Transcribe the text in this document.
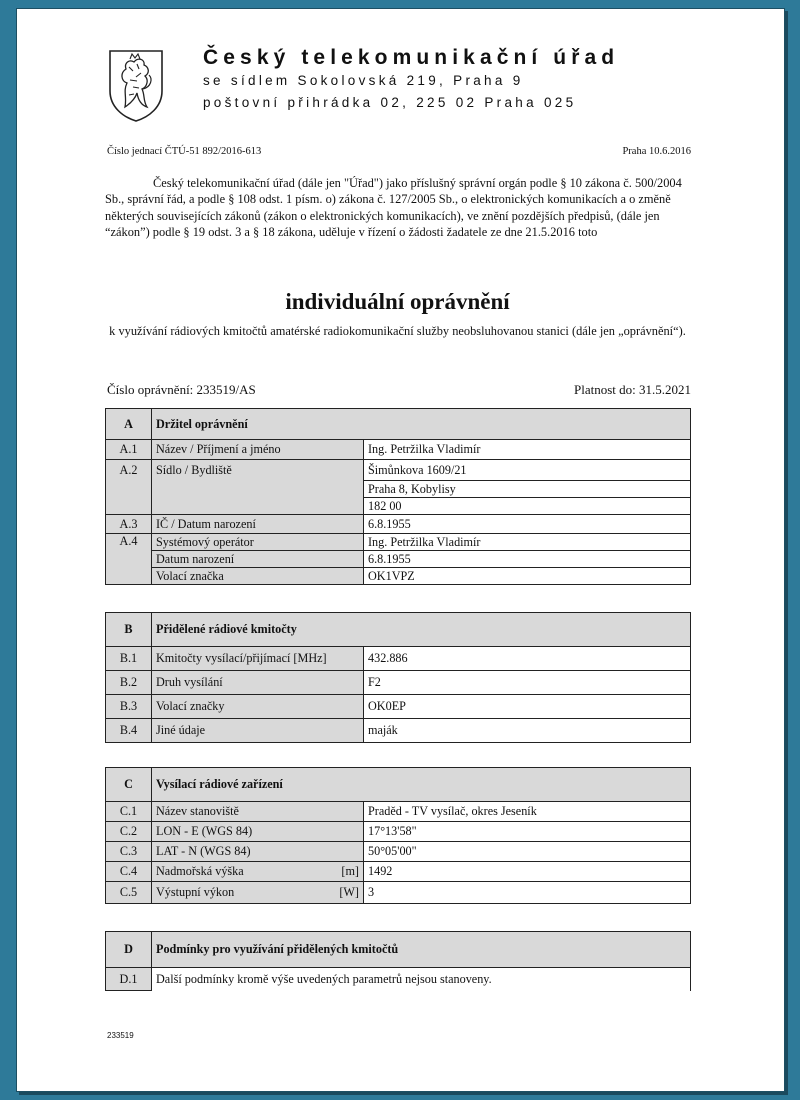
Český telekomunikační úřad
se sídlem Sokolovská 219, Praha 9
poštovní přihrádka 02, 225 02 Praha 025
Číslo jednací ČTÚ-51 892/2016-613	Praha 10.6.2016
Český telekomunikační úřad (dále jen "Úřad") jako příslušný správní orgán podle § 10 zákona č. 500/2004 Sb., správní řád, a podle § 108 odst. 1 písm. o) zákona č. 127/2005 Sb., o elektronických komunikacích a o změně některých souvisejících zákonů (zákon o elektronických komunikacích), ve znění pozdějších předpisů, (dále jen “zákon”) podle § 19 odst. 3 a § 18 zákona, uděluje v řízení o žádosti žadatele ze dne 21.5.2016 toto
individuální oprávnění
k využívání rádiových kmitočtů amatérské radiokomunikační služby neobsluhovanou stanici (dále jen „oprávnění“).
Číslo oprávnění: 233519/AS	Platnost do: 31.5.2021
A	Držitel oprávnění	
A.1	Název / Příjmení a jméno	Ing. Petržilka Vladimír
A.2	Sídlo / Bydliště	Šimůnkova 1609/21
		Praha 8, Kobylisy
		182 00
A.3	IČ / Datum narození	6.8.1955
A.4	Systémový operátor	Ing. Petržilka Vladimír
	Datum narození	6.8.1955
	Volací značka	OK1VPZ
B	Přidělené rádiové kmitočty	
B.1	Kmitočty vysílací/přijímací [MHz]	432.886
B.2	Druh vysílání	F2
B.3	Volací značky	OK0EP
B.4	Jiné údaje	maják
C	Vysílací rádiové zařízení	
C.1	Název stanoviště	Praděd - TV vysílač, okres Jeseník
C.2	LON - E (WGS 84)	17°13'58"
C.3	LAT - N (WGS 84)	50°05'00"
C.4	Nadmořská výška [m]	1492
C.5	Výstupní výkon [W]	3
D	Podmínky pro využívání přidělených kmitočtů
D.1	Další podmínky kromě výše uvedených parametrů nejsou stanoveny.
233519
